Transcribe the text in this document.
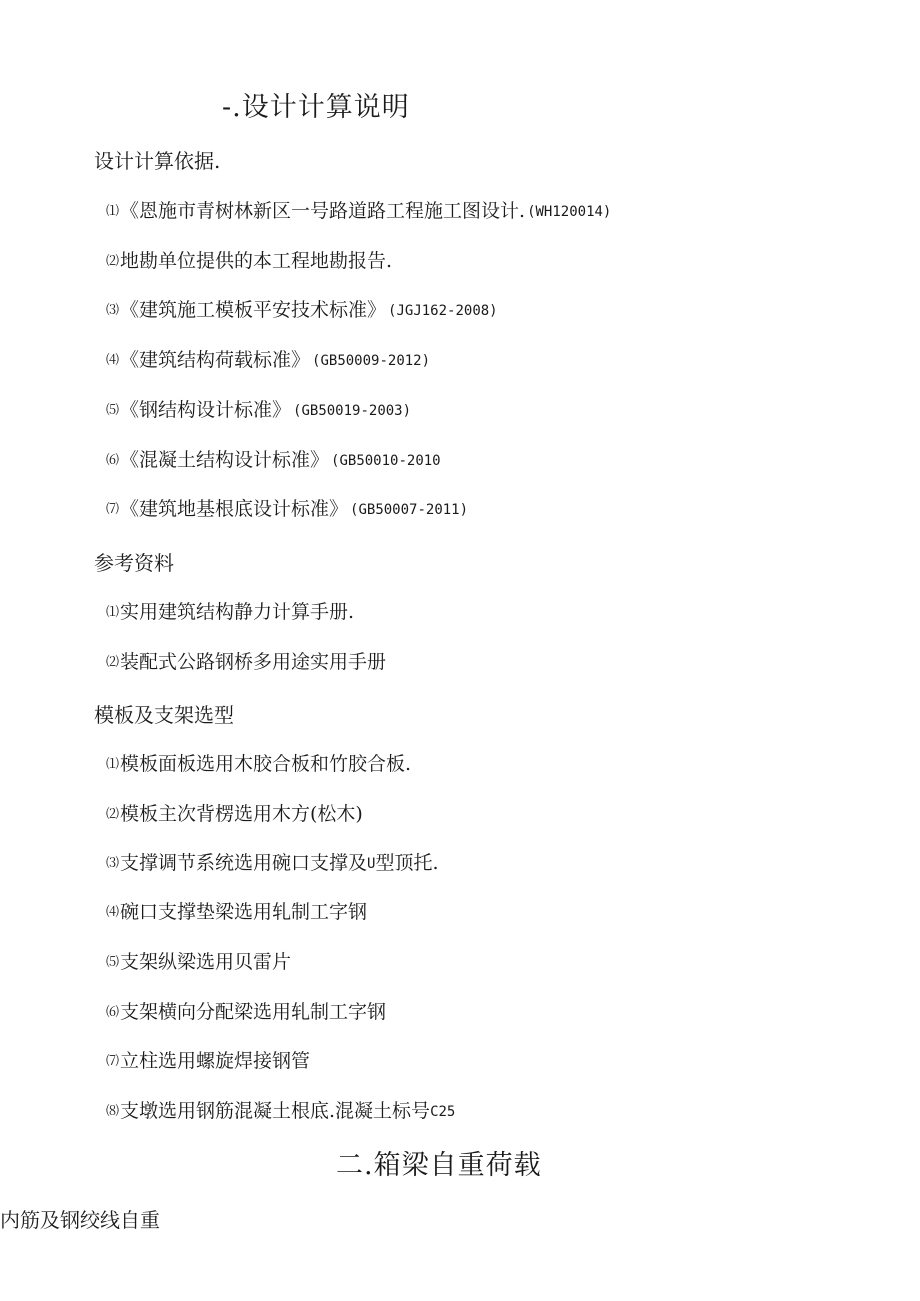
-.设计计算说明
设计计算依据.
⑴《恩施市青树林新区一号路道路工程施工图设计. (WH120014)
⑵地勘单位提供的本工程地勘报告.
⑶《建筑施工模板平安技术标准》 (JGJ162-2008)
⑷《建筑结构荷载标准》 (GB50009-2012)
⑸《钢结构设计标准》 (GB50019-2003)
⑹《混凝土结构设计标准》 (GB50010-2010
⑺《建筑地基根底设计标准》 (GB50007-2011)
参考资料
⑴实用建筑结构静力计算手册.
⑵装配式公路钢桥多用途实用手册
模板及支架选型
⑴模板面板选用木胶合板和竹胶合板.
⑵模板主次背楞选用木方(松木)
⑶支撑调节系统选用碗口支撑及U型顶托.
⑷碗口支撑垫梁选用轧制工字钢
⑸支架纵梁选用贝雷片
⑹支架横向分配梁选用轧制工字钢
⑺立柱选用螺旋焊接钢管
⑻支墩选用钢筋混凝土根底.混凝土标号C25
二.箱梁自重荷载
内筋及钢绞线自重
